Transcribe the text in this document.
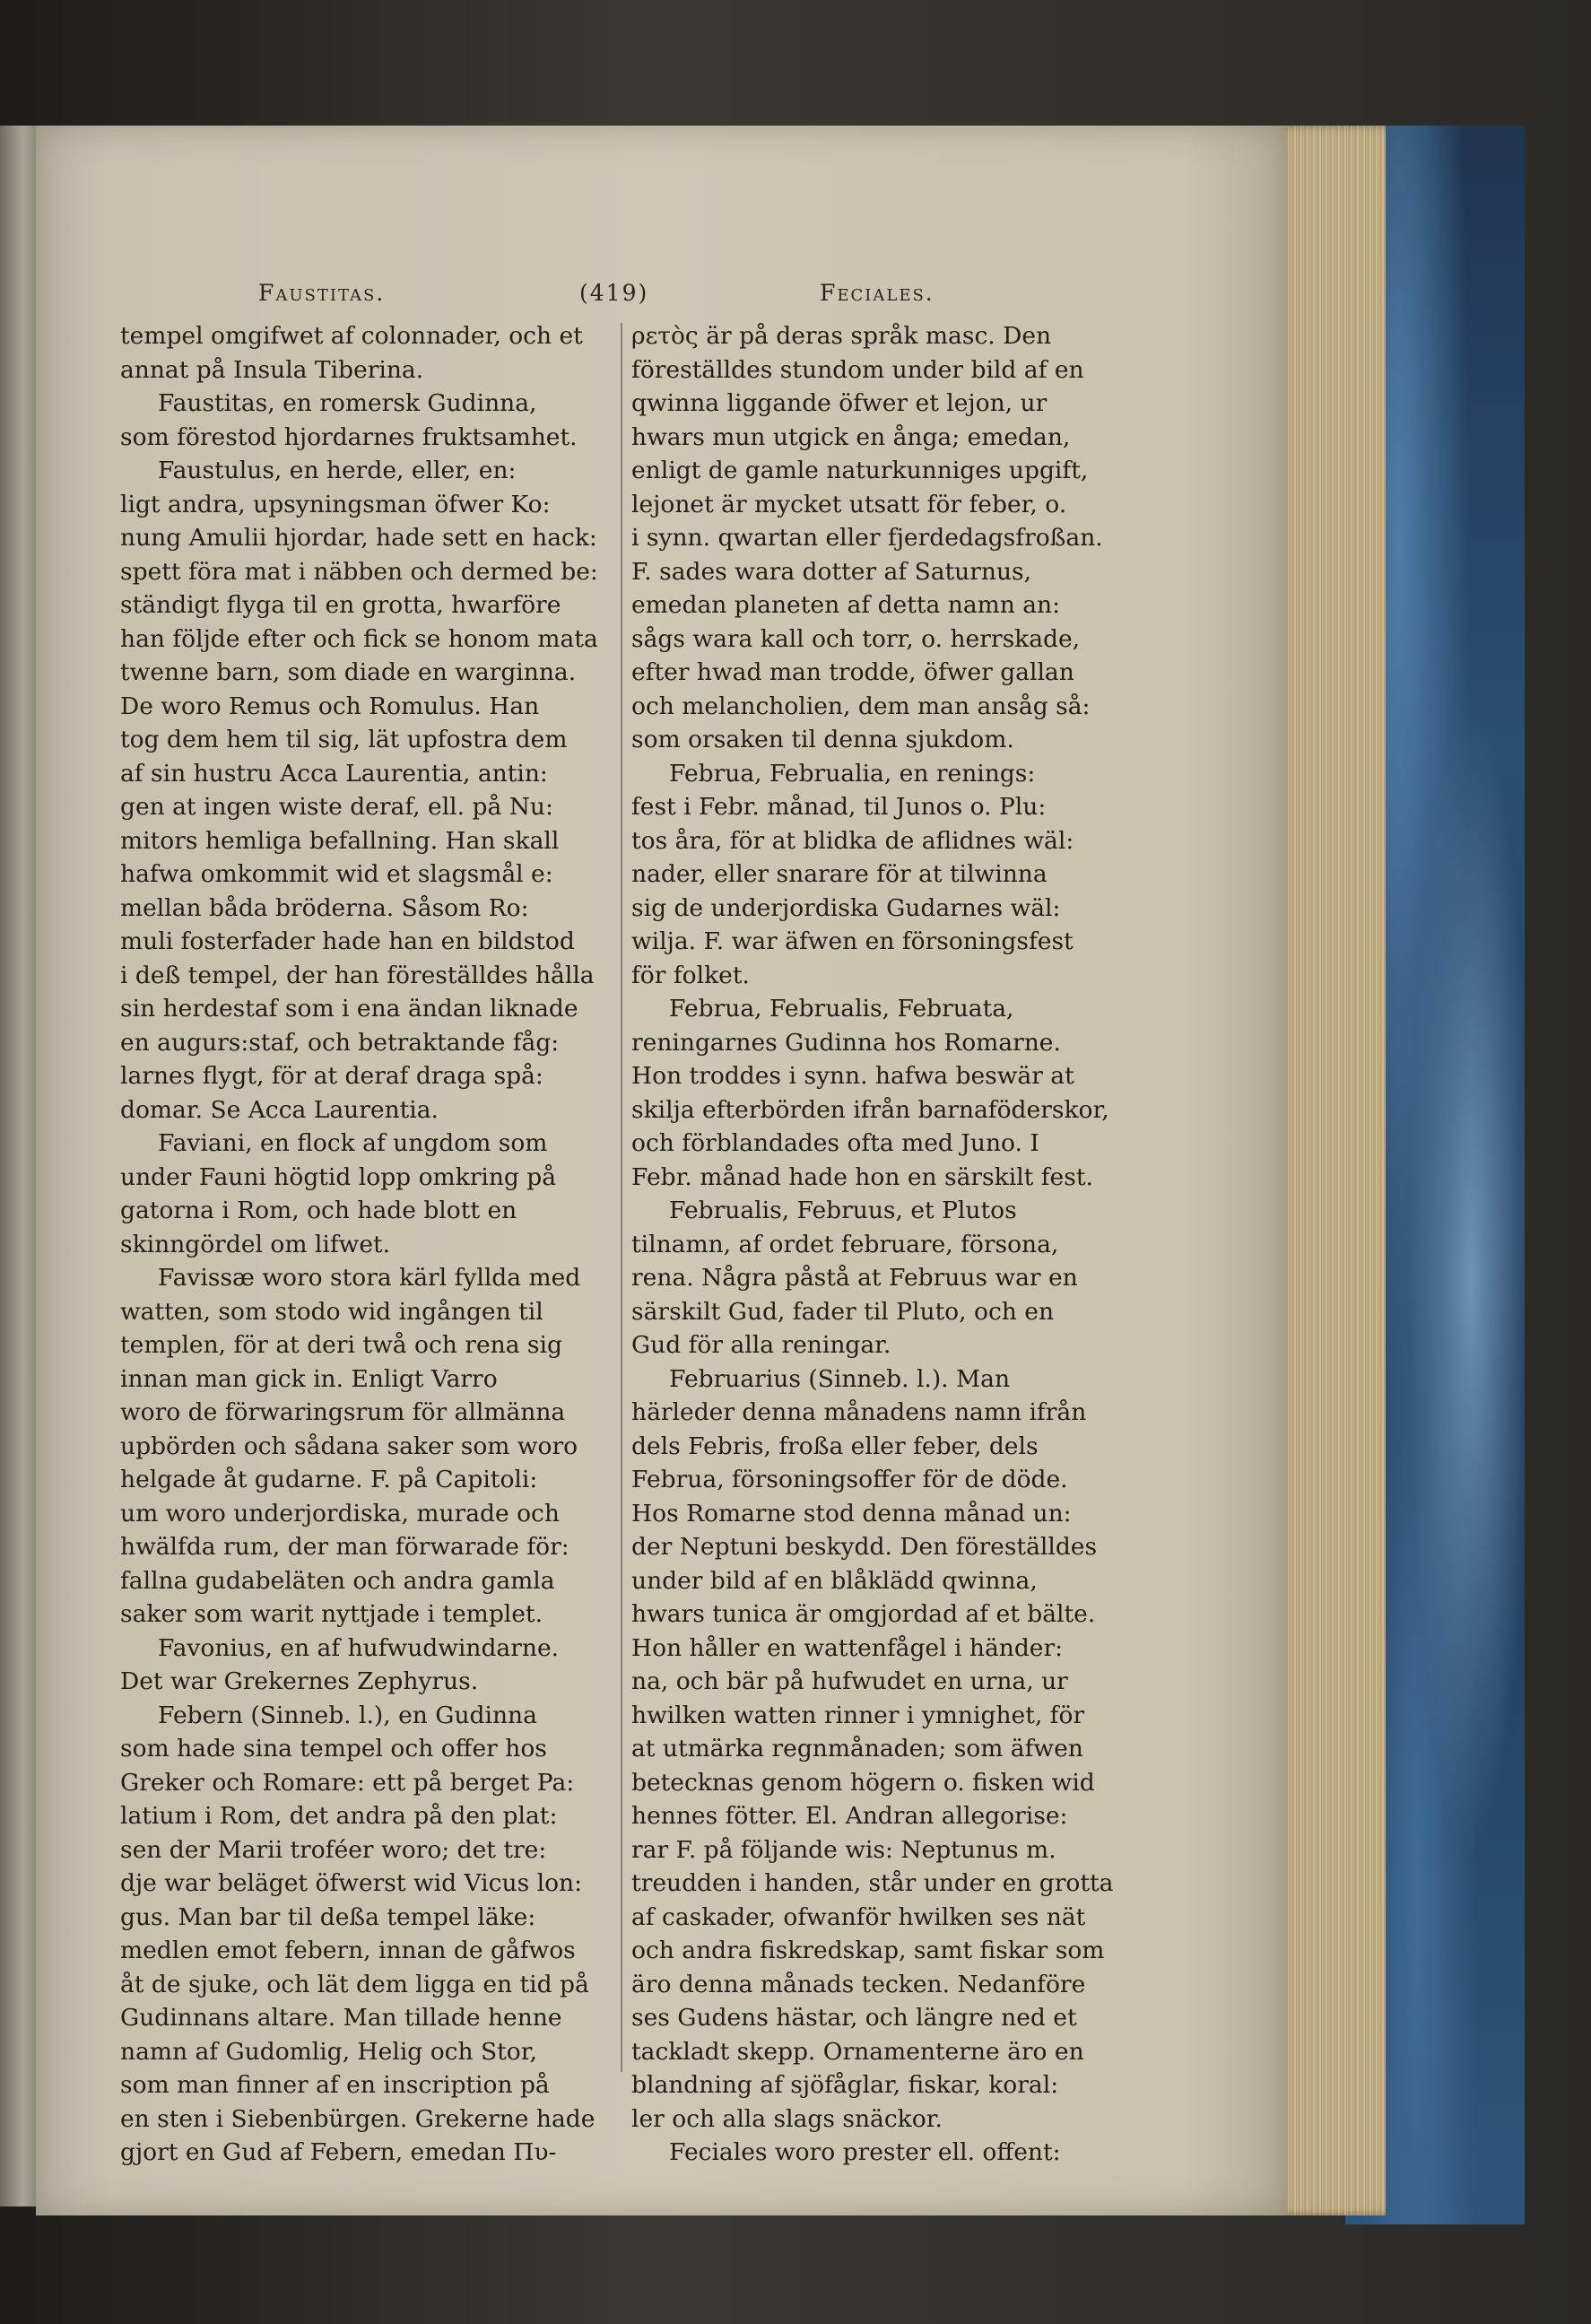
Faustitas.	(419)	Feciales.
tempel omgifwet af colonnader, och et
annat på Insula Tiberina.
Faustitas, en romersk Gudinna,
som förestod hjordarnes fruktsamhet.
Faustulus, en herde, eller, en:
ligt andra, upsyningsman öfwer Ko:
nung Amulii hjordar, hade sett en hack:
spett föra mat i näbben och dermed be:
ständigt flyga til en grotta, hwarföre
han följde efter och fick se honom mata
twenne barn, som diade en warginna.
De woro Remus och Romulus. Han
tog dem hem til sig, lät upfostra dem
af sin hustru Acca Laurentia, antin:
gen at ingen wiste deraf, ell. på Nu:
mitors hemliga befallning. Han skall
hafwa omkommit wid et slagsmål e:
mellan båda bröderna. Såsom Ro:
muli fosterfader hade han en bildstod
i deß tempel, der han föreställdes hålla
sin herdestaf som i ena ändan liknade
en augurs:staf, och betraktande fåg:
larnes flygt, för at deraf draga spå:
domar. Se Acca Laurentia.
Faviani, en flock af ungdom som
under Fauni högtid lopp omkring på
gatorna i Rom, och hade blott en
skinngördel om lifwet.
Favissæ woro stora kärl fyllda med
watten, som stodo wid ingången til
templen, för at deri twå och rena sig
innan man gick in. Enligt Varro
woro de förwaringsrum för allmänna
upbörden och sådana saker som woro
helgade åt gudarne. F. på Capitoli:
um woro underjordiska, murade och
hwälfda rum, der man förwarade för:
fallna gudabeläten och andra gamla
saker som warit nyttjade i templet.
Favonius, en af hufwudwindarne.
Det war Grekernes Zephyrus.
Febern (Sinneb. l.), en Gudinna
som hade sina tempel och offer hos
Greker och Romare: ett på berget Pa:
latium i Rom, det andra på den plat:
sen der Marii troféer woro; det tre:
dje war beläget öfwerst wid Vicus lon:
gus. Man bar til deßa tempel läke:
medlen emot febern, innan de gåfwos
åt de sjuke, och lät dem ligga en tid på
Gudinnans altare. Man tillade henne
namn af Gudomlig, Helig och Stor,
som man finner af en inscription på
en sten i Siebenbürgen. Grekerne hade
gjort en Gud af Febern, emedan Πυ-
ρετὸς är på deras språk masc. Den
föreställdes stundom under bild af en
qwinna liggande öfwer et lejon, ur
hwars mun utgick en ånga; emedan,
enligt de gamle naturkunniges upgift,
lejonet är mycket utsatt för feber, o.
i synn. qwartan eller fjerdedagsfroßan.
F. sades wara dotter af Saturnus,
emedan planeten af detta namn an:
sågs wara kall och torr, o. herrskade,
efter hwad man trodde, öfwer gallan
och melancholien, dem man ansåg så:
som orsaken til denna sjukdom.
Februa, Februalia, en renings:
fest i Febr. månad, til Junos o. Plu:
tos åra, för at blidka de aflidnes wäl:
nader, eller snarare för at tilwinna
sig de underjordiska Gudarnes wäl:
wilja. F. war äfwen en försoningsfest
för folket.
Februa, Februalis, Februata,
reningarnes Gudinna hos Romarne.
Hon troddes i synn. hafwa beswär at
skilja efterbörden ifrån barnaföderskor,
och förblandades ofta med Juno. I
Febr. månad hade hon en särskilt fest.
Februalis, Februus, et Plutos
tilnamn, af ordet februare, försona,
rena. Några påstå at Februus war en
särskilt Gud, fader til Pluto, och en
Gud för alla reningar.
Februarius (Sinneb. l.). Man
härleder denna månadens namn ifrån
dels Febris, froßa eller feber, dels
Februa, försoningsoffer för de döde.
Hos Romarne stod denna månad un:
der Neptuni beskydd. Den föreställdes
under bild af en blåklädd qwinna,
hwars tunica är omgjordad af et bälte.
Hon håller en wattenfågel i händer:
na, och bär på hufwudet en urna, ur
hwilken watten rinner i ymnighet, för
at utmärka regnmånaden; som äfwen
betecknas genom högern o. fisken wid
hennes fötter. El. Andran allegorise:
rar F. på följande wis: Neptunus m.
treudden i handen, står under en grotta
af caskader, ofwanför hwilken ses nät
och andra fiskredskap, samt fiskar som
äro denna månads tecken. Nedanföre
ses Gudens hästar, och längre ned et
tackladt skepp. Ornamenterne äro en
blandning af sjöfåglar, fiskar, koral:
ler och alla slags snäckor.
Feciales woro prester ell. offent:
